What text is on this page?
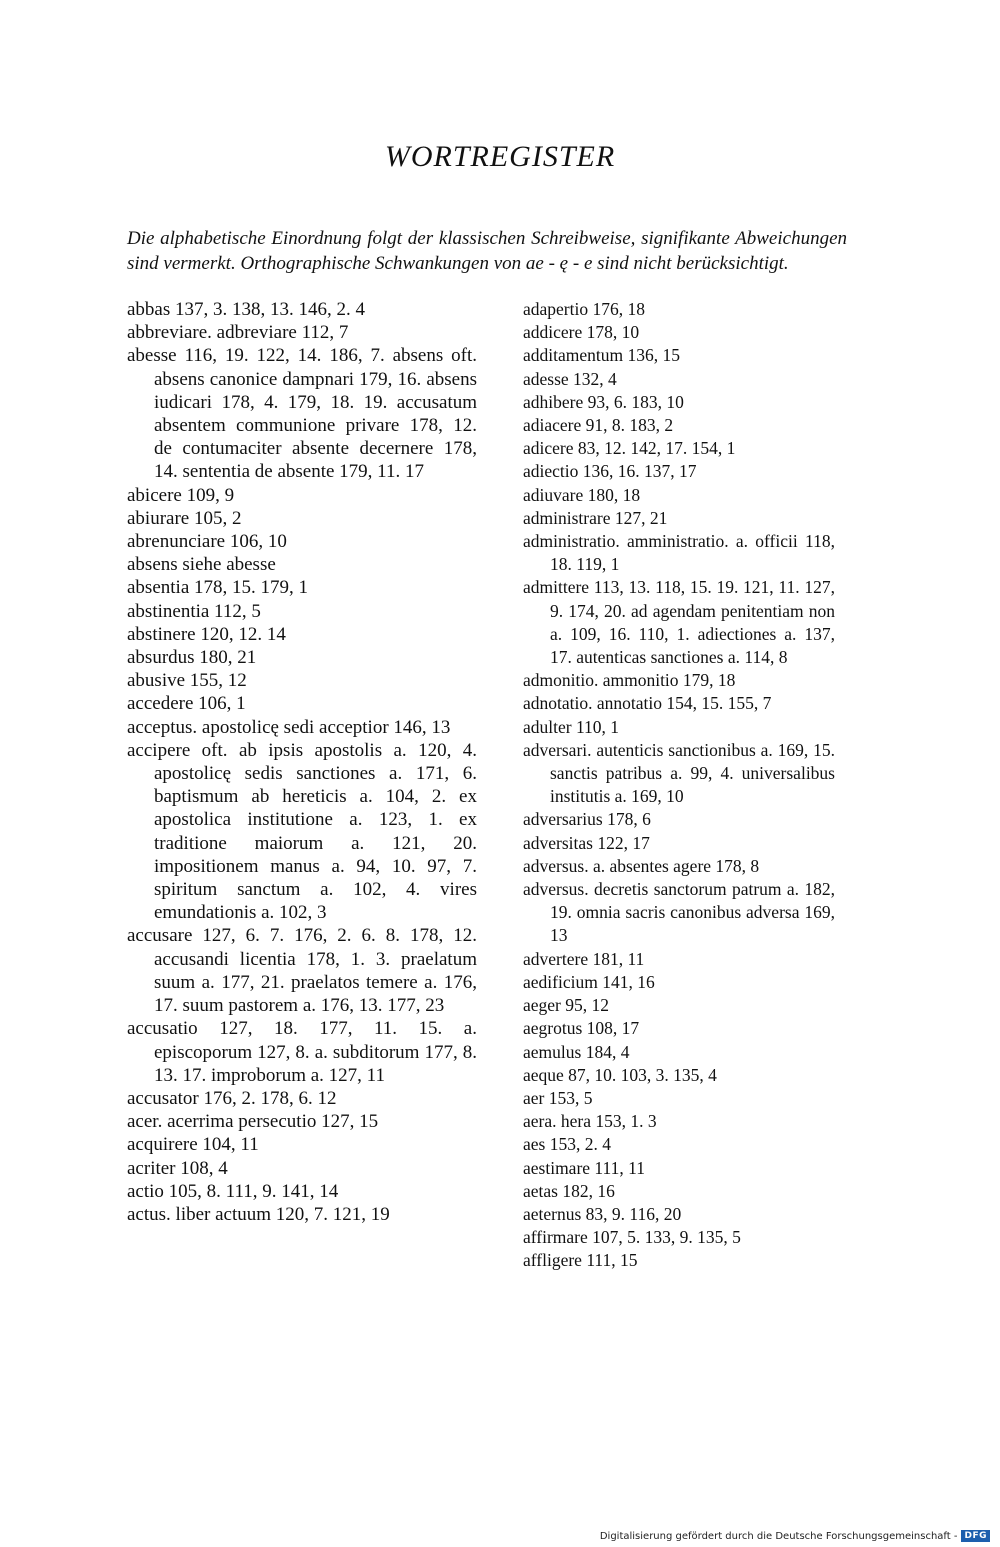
WORTREGISTER
Die alphabetische Einordnung folgt der klassischen Schreibweise, signifikante Abweichungen sind vermerkt. Orthographische Schwankungen von ae - ę - e sind nicht berücksichtigt.
abbas 137, 3. 138, 13. 146, 2. 4
abbreviare. adbreviare 112, 7
abesse 116, 19. 122, 14. 186, 7. absens oft. absens canonice dampnari 179, 16. absens iudicari 178, 4. 179, 18. 19. accusatum absentem communione privare 178, 12. de contumaciter absente decernere 178, 14. sententia de absente 179, 11. 17
abicere 109, 9
abiurare 105, 2
abrenunciare 106, 10
absens siehe abesse
absentia 178, 15. 179, 1
abstinentia 112, 5
abstinere 120, 12. 14
absurdus 180, 21
abusive 155, 12
accedere 106, 1
acceptus. apostolicę sedi acceptior 146, 13
accipere oft. ab ipsis apostolis a. 120, 4. apostolicę sedis sanctiones a. 171, 6. baptismum ab hereticis a. 104, 2. ex apostolica institutione a. 123, 1. ex traditione maiorum a. 121, 20. impositionem manus a. 94, 10. 97, 7. spiritum sanctum a. 102, 4. vires emundationis a. 102, 3
accusare 127, 6. 7. 176, 2. 6. 8. 178, 12. accusandi licentia 178, 1. 3. praelatum suum a. 177, 21. praelatos temere a. 176, 17. suum pastorem a. 176, 13. 177, 23
accusatio 127, 18. 177, 11. 15. a. episcoporum 127, 8. a. subditorum 177, 8. 13. 17. improborum a. 127, 11
accusator 176, 2. 178, 6. 12
acer. acerrima persecutio 127, 15
acquirere 104, 11
acriter 108, 4
actio 105, 8. 111, 9. 141, 14
actus. liber actuum 120, 7. 121, 19
adapertio 176, 18
addicere 178, 10
additamentum 136, 15
adesse 132, 4
adhibere 93, 6. 183, 10
adiacere 91, 8. 183, 2
adicere 83, 12. 142, 17. 154, 1
adiectio 136, 16. 137, 17
adiuvare 180, 18
administrare 127, 21
administratio. amministratio. a. officii 118, 18. 119, 1
admittere 113, 13. 118, 15. 19. 121, 11. 127, 9. 174, 20. ad agendam penitentiam non a. 109, 16. 110, 1. adiectiones a. 137, 17. autenticas sanctiones a. 114, 8
admonitio. ammonitio 179, 18
adnotatio. annotatio 154, 15. 155, 7
adulter 110, 1
adversari. autenticis sanctionibus a. 169, 15. sanctis patribus a. 99, 4. universalibus institutis a. 169, 10
adversarius 178, 6
adversitas 122, 17
adversus. a. absentes agere 178, 8
adversus. decretis sanctorum patrum a. 182, 19. omnia sacris canonibus adversa 169, 13
advertere 181, 11
aedificium 141, 16
aeger 95, 12
aegrotus 108, 17
aemulus 184, 4
aeque 87, 10. 103, 3. 135, 4
aer 153, 5
aera. hera 153, 1. 3
aes 153, 2. 4
aestimare 111, 11
aetas 182, 16
aeternus 83, 9. 116, 20
affirmare 107, 5. 133, 9. 135, 5
affligere 111, 15
Digitalisierung gefördert durch die Deutsche Forschungsgemeinschaft - DFG
